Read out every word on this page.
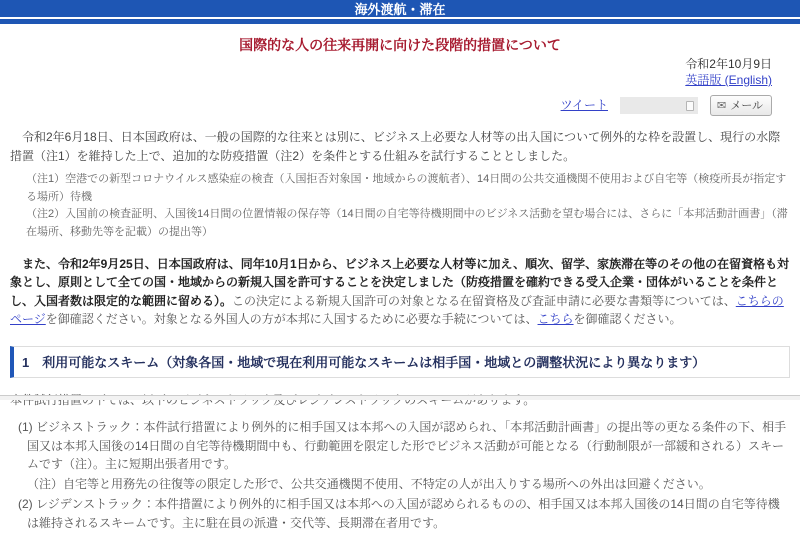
海外渡航・滞在
国際的な人の往来再開に向けた段階的措置について
令和2年10月9日
英語版 (English)
ツイート	✉ メール

令和2年6月18日、日本国政府は、一般の国際的な往来とは別に、ビジネス上必要な人材等の出入国について例外的な枠を設置し、現行の水際措置（注1）を維持した上で、追加的な防疫措置（注2）を条件とする仕組みを試行することとしました。

（注1）空港での新型コロナウイルス感染症の検査（入国拒否対象国・地域からの渡航者）、14日間の公共交通機関不使用および自宅等（検疫所長が指定する場所）待機
（注2）入国前の検査証明、入国後14日間の位置情報の保存等（14日間の自宅等待機期間中のビジネス活動を望む場合には、さらに「本邦活動計画書」（滞在場所、移動先等を記載）の提出等）

また、令和2年9月25日、日本国政府は、同年10月1日から、ビジネス上必要な人材等に加え、順次、留学、家族滞在等のその他の在留資格も対象とし、原則として全ての国・地域からの新規入国を許可することを決定しました（防疫措置を確約できる受入企業・団体がいることを条件とし、入国者数は限定的な範囲に留める）。この決定による新規入国許可の対象となる在留資格及び査証申請に必要な書類等については、こちらのページを御確認ください。対象となる外国人の方が本邦に入国するために必要な手続については、こちらを御確認ください。

1　利用可能なスキーム（対象各国・地域で現在利用可能なスキームは相手国・地域との調整状況により異なります）

(1) ビジネストラック：本件試行措置により例外的に相手国又は本邦への入国が認められ、「本邦活動計画書」の提出等の更なる条件の下、相手国又は本邦入国後の14日間の自宅等待機期間中も、行動範囲を限定した形でビジネス活動が可能となる（行動制限が一部緩和される）スキームです（注）。主に短期出張者用です。
（注）自宅等と用務先の往復等の限定した形で、公共交通機関不使用、不特定の人が出入りする場所への外出は回避ください。
(2) レジデンストラック：本件措置により例外的に相手国又は本邦への入国が認められるものの、相手国又は本邦入国後の14日間の自宅等待機は維持されるスキームです。主に駐在員の派遣・交代等、長期滞在者用です。
